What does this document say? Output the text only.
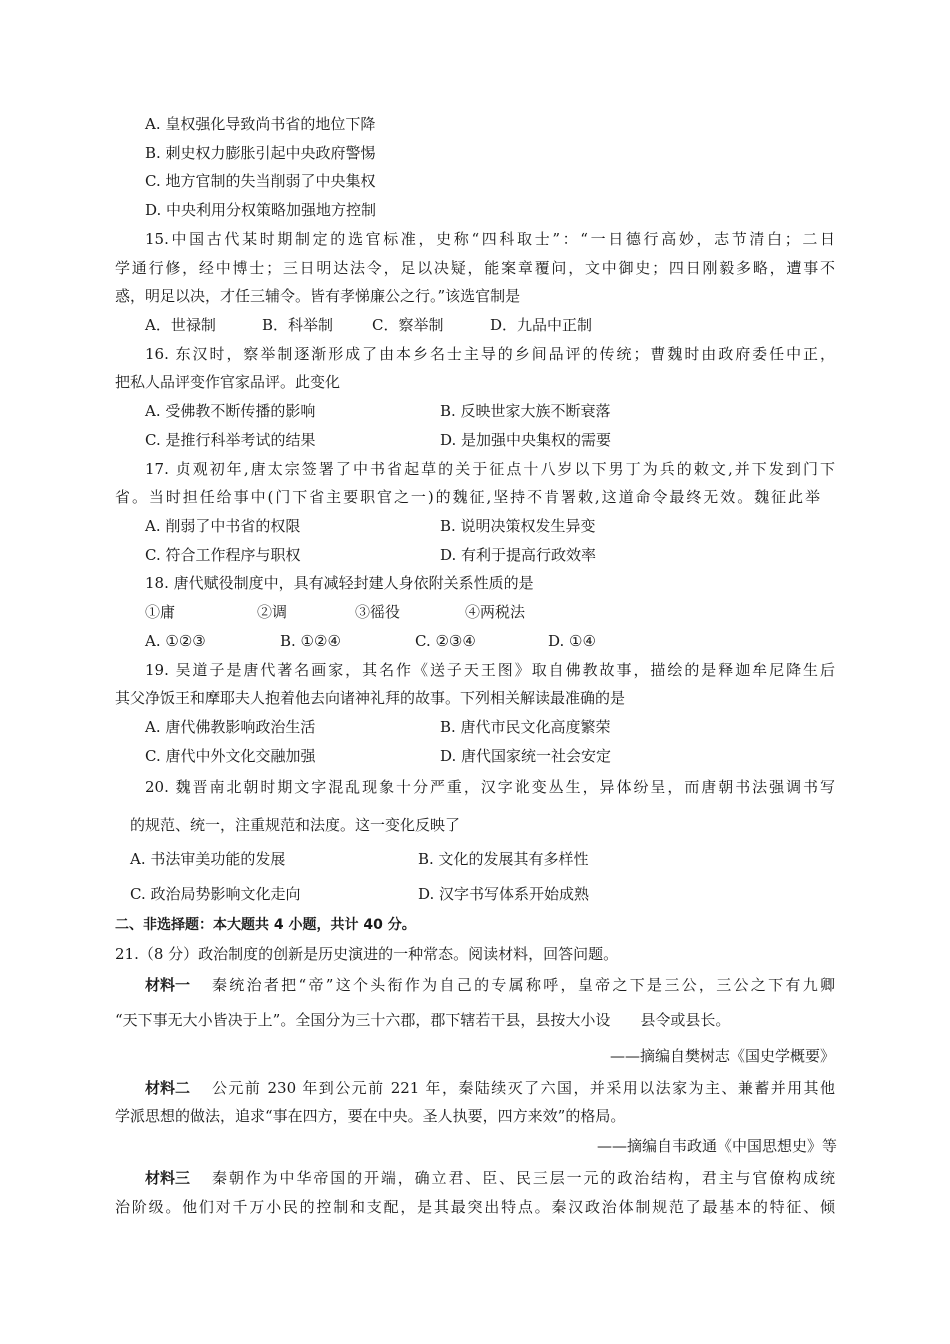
A. 皇权强化导致尚书省的地位下降
B. 刺史权力膨胀引起中央政府警惕
C. 地方官制的失当削弱了中央集权
D. 中央利用分权策略加强地方控制
15.中国古代某时期制定的选官标准，史称“四科取士”：“一日德行高妙，志节清白；二日
学通行修，经中博士；三日明达法令，足以决疑，能案章覆问，文中御史；四日刚毅多略，遭事不
惑，明足以决，才任三辅令。皆有孝悌廉公之行。”该选官制是
A．世禄制	B．科举制	C．察举制	D．九品中正制
16. 东汉时，察举制逐渐形成了由本乡名士主导的乡间品评的传统；曹魏时由政府委任中正，
把私人品评变作官家品评。此变化
A. 受佛教不断传播的影响	B. 反映世家大族不断衰落
C. 是推行科举考试的结果	D. 是加强中央集权的需要
17. 贞观初年,唐太宗签署了中书省起草的关于征点十八岁以下男丁为兵的敕文,并下发到门下
省。当时担任给事中(门下省主要职官之一)的魏征,坚持不肯署敕,这道命令最终无效。魏征此举
A. 削弱了中书省的权限	B. 说明决策权发生异变
C. 符合工作程序与职权	D. 有利于提高行政效率
18. 唐代赋役制度中，具有减轻封建人身依附关系性质的是
①庸	②调	③徭役	④两税法
A. ①②③	B. ①②④	C. ②③④	D. ①④
19. 吴道子是唐代著名画家，其名作《送子天王图》取自佛教故事，描绘的是释迦牟尼降生后
其父净饭王和摩耶夫人抱着他去向诸神礼拜的故事。下列相关解读最准确的是
A. 唐代佛教影响政治生活	B. 唐代市民文化高度繁荣
C. 唐代中外文化交融加强	D. 唐代国家统一社会安定
20. 魏晋南北朝时期文字混乱现象十分严重，汉字讹变丛生，异体纷呈，而唐朝书法强调书写
的规范、统一，注重规范和法度。这一变化反映了
A. 书法审美功能的发展	B. 文化的发展其有多样性
C. 政治局势影响文化走向	D. 汉字书写体系开始成熟
二、非选择题：本大题共 4 小题，共计 40 分。
21.（8 分）政治制度的创新是历史演进的一种常态。阅读材料，回答问题。
材料一 秦统治者把“帝”这个头衔作为自己的专属称呼，皇帝之下是三公，三公之下有九卿
“天下事无大小皆决于上”。全国分为三十六郡，郡下辖若干县，县按大小设　　县令或县长。
——摘编自樊树志《国史学概要》
材料二 公元前 230 年到公元前 221 年，秦陆续灭了六国，并采用以法家为主、兼蓄并用其他
学派思想的做法，追求“事在四方，要在中央。圣人执要，四方来效”的格局。
——摘编自韦政通《中国思想史》等
材料三 秦朝作为中华帝国的开端，确立君、臣、民三层一元的政治结构，君主与官僚构成统
治阶级。他们对千万小民的控制和支配，是其最突出特点。秦汉政治体制规范了最基本的特征、倾
